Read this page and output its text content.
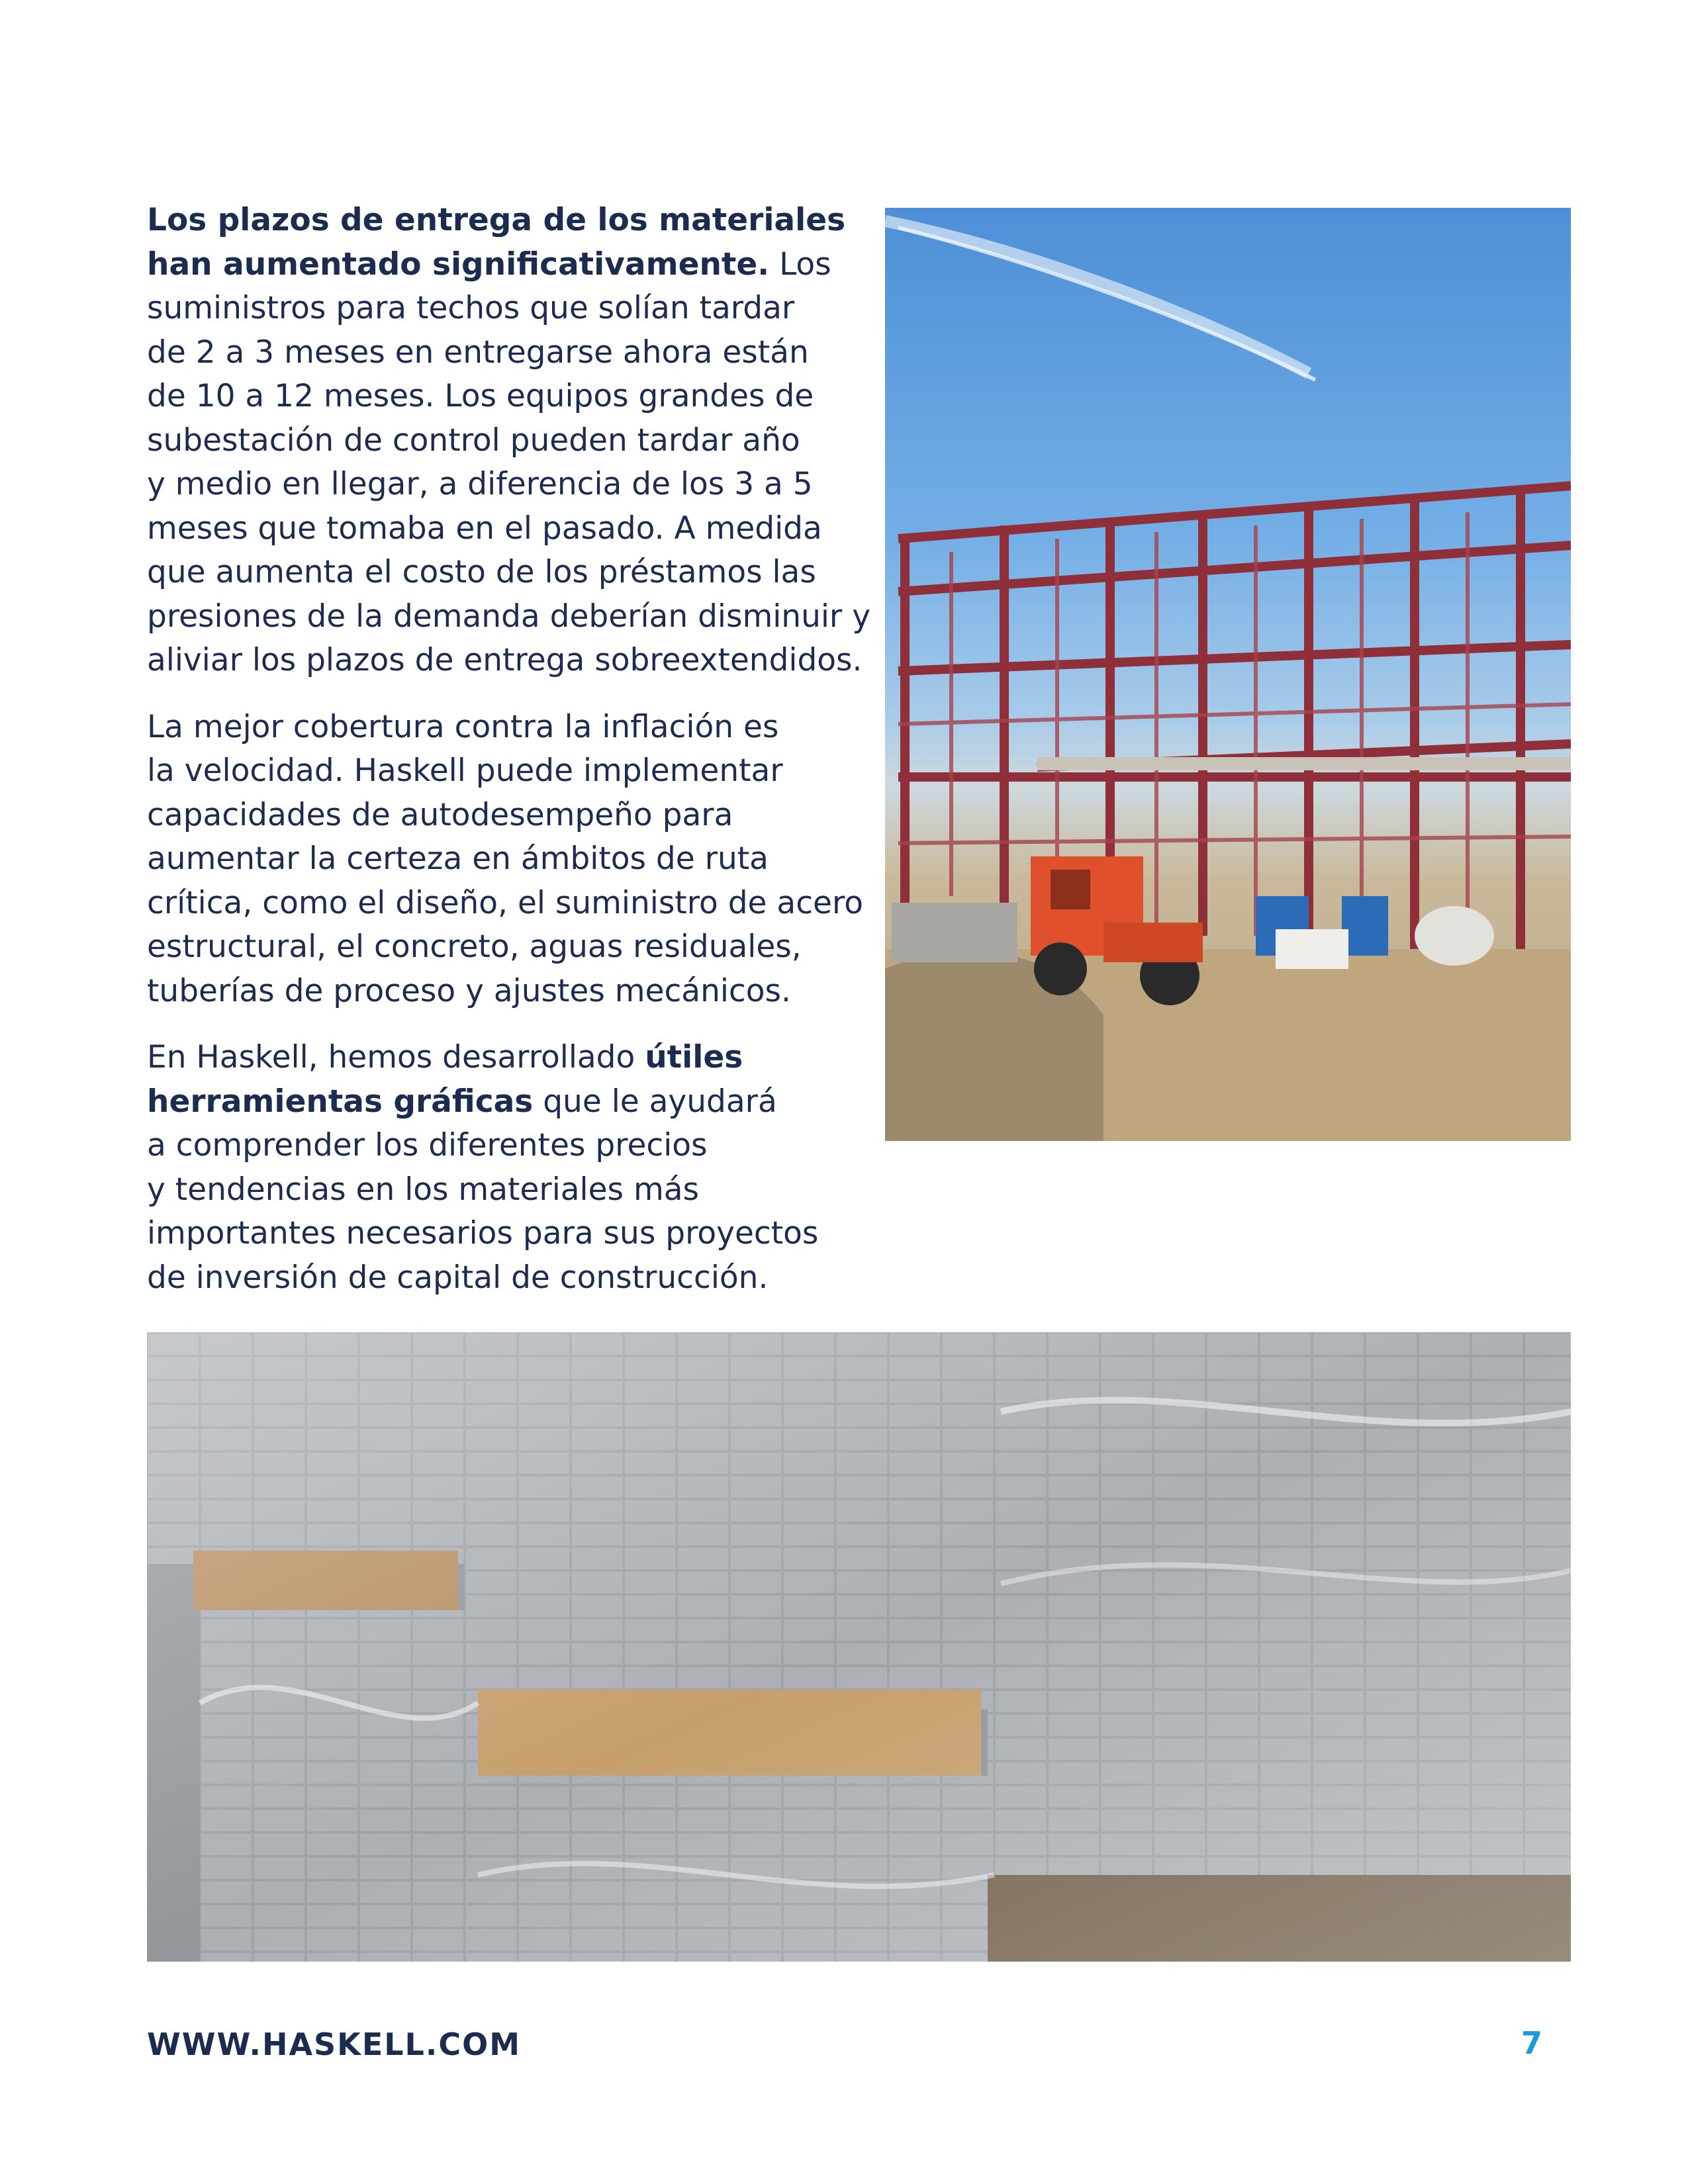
Los plazos de entrega de los materiales
han aumentado significativamente. Los
suministros para techos que solían tardar
de 2 a 3 meses en entregarse ahora están
de 10 a 12 meses. Los equipos grandes de
subestación de control pueden tardar año
y medio en llegar, a diferencia de los 3 a 5
meses que tomaba en el pasado. A medida
que aumenta el costo de los préstamos las
presiones de la demanda deberían disminuir y
aliviar los plazos de entrega sobreextendidos.

La mejor cobertura contra la inflación es
la velocidad. Haskell puede implementar
capacidades de autodesempeño para
aumentar la certeza en ámbitos de ruta
crítica, como el diseño, el suministro de acero
estructural, el concreto, aguas residuales,
tuberías de proceso y ajustes mecánicos.

En Haskell, hemos desarrollado útiles
herramientas gráficas que le ayudará
a comprender los diferentes precios
y tendencias en los materiales más
importantes necesarios para sus proyectos
de inversión de capital de construcción.

WWW.HASKELL.COM	7
